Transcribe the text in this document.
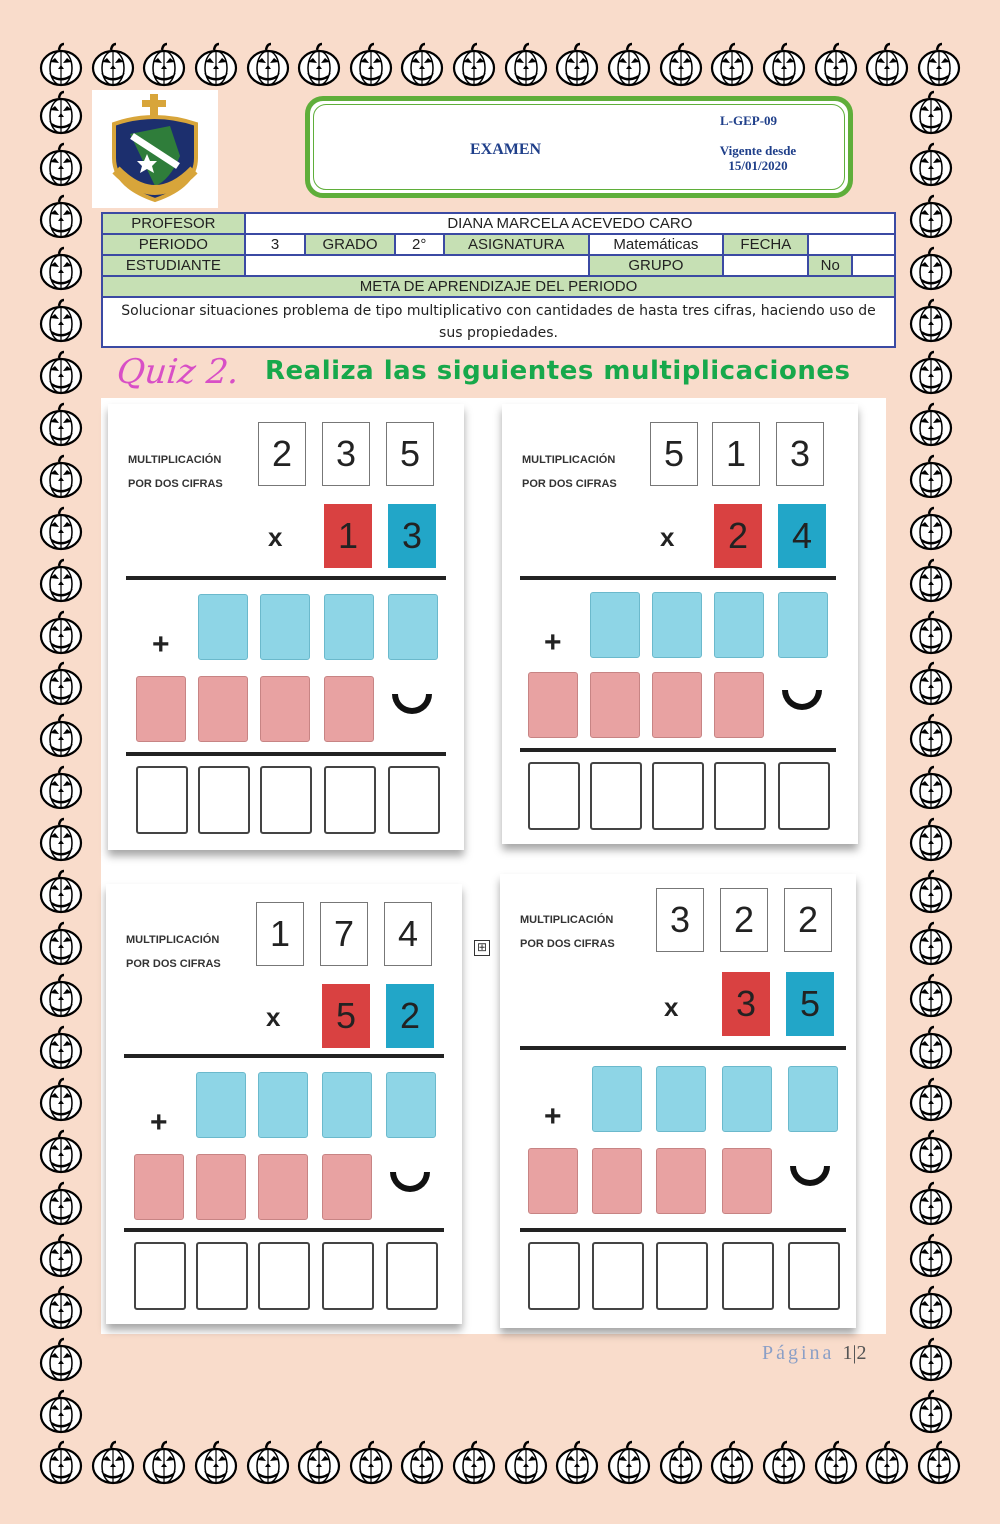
EXAMEN
L-GEP-09
Vigente desde
15/01/2020
PROFESOR	DIANA MARCELA ACEVEDO CARO							
PERIODO	3	GRADO	2°	ASIGNATURA	Matemáticas	FECHA		
ESTUDIANTE					GRUPO		No	
META DE APRENDIZAJE DEL PERIODO								
Solucionar situaciones problema de tipo multiplicativo con cantidades de hasta tres cifras, haciendo uso de sus propiedades.								
Quiz 2. Realiza las siguientes multiplicaciones
MULTIPLICACIÓN
POR DOS CIFRAS
2	3	5
x	1	3
+
MULTIPLICACIÓN
POR DOS CIFRAS
5	1	3
x	2	4
+
MULTIPLICACIÓN
POR DOS CIFRAS
1	7	4
x	5	2
+
⊞
MULTIPLICACIÓN
POR DOS CIFRAS
3	2	2
x	3	5
+
Página 1|2
